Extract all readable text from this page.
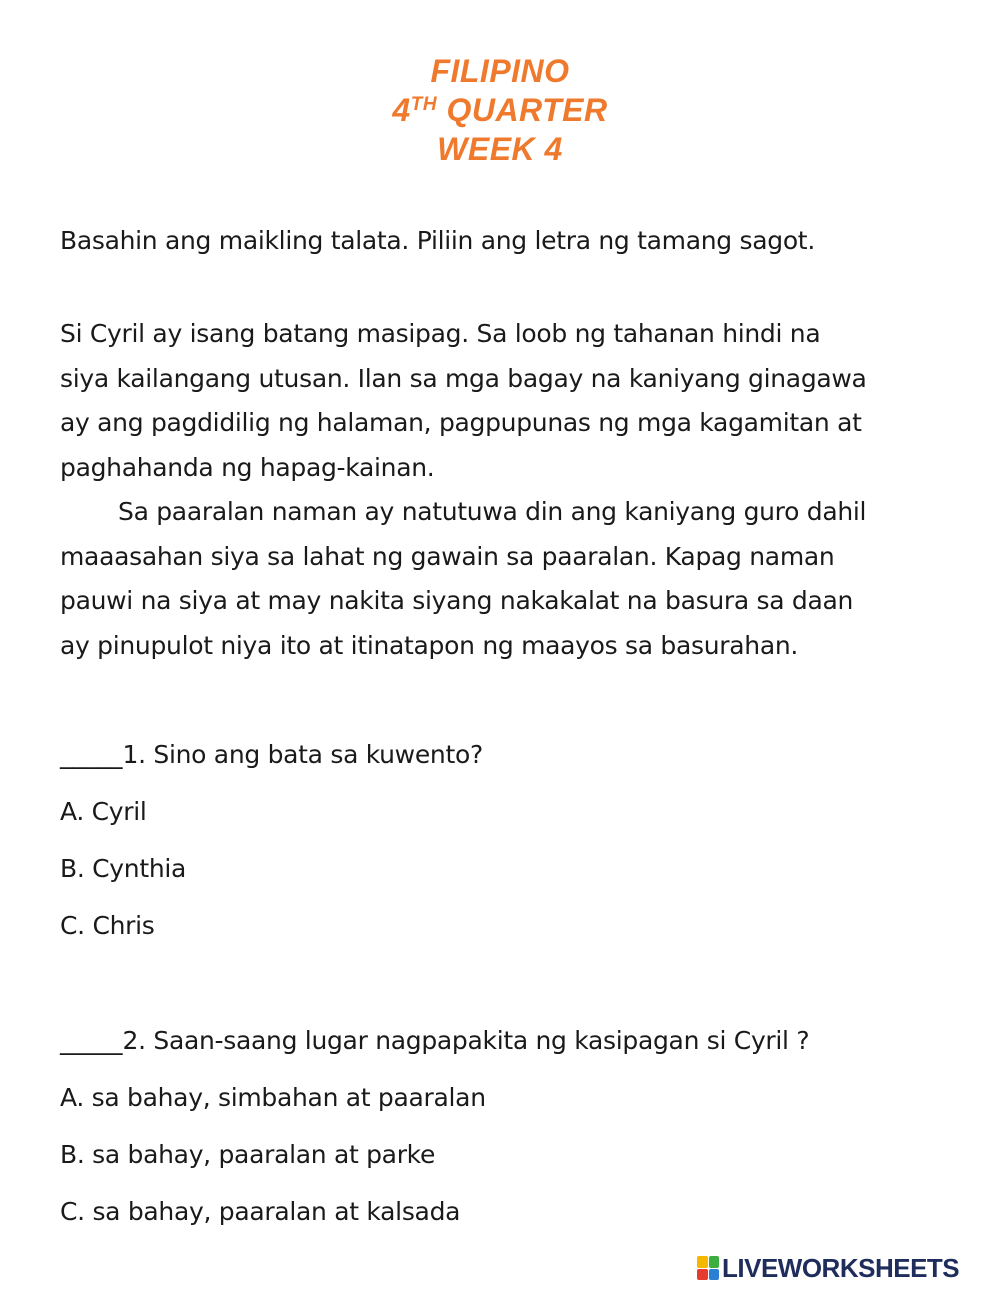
FILIPINO
4TH QUARTER
WEEK 4

Basahin ang maikling talata. Piliin ang letra ng tamang sagot.

Si Cyril ay isang batang masipag. Sa loob ng tahanan hindi na
siya kailangang utusan. Ilan sa mga bagay na kaniyang ginagawa
ay ang pagdidilig ng halaman, pagpupunas ng mga kagamitan at
paghahanda ng hapag-kainan.
Sa paaralan naman ay natutuwa din ang kaniyang guro dahil
maaasahan siya sa lahat ng gawain sa paaralan. Kapag naman
pauwi na siya at may nakita siyang nakakalat na basura sa daan
ay pinupulot niya ito at itinatapon ng maayos sa basurahan.
_____1. Sino ang bata sa kuwento?
A. Cyril
B. Cynthia
C. Chris
_____2. Saan-saang lugar nagpapakita ng kasipagan si Cyril ?
A. sa bahay, simbahan at paaralan
B. sa bahay, paaralan at parke
C. sa bahay, paaralan at kalsada
LIVEWORKSHEETS
